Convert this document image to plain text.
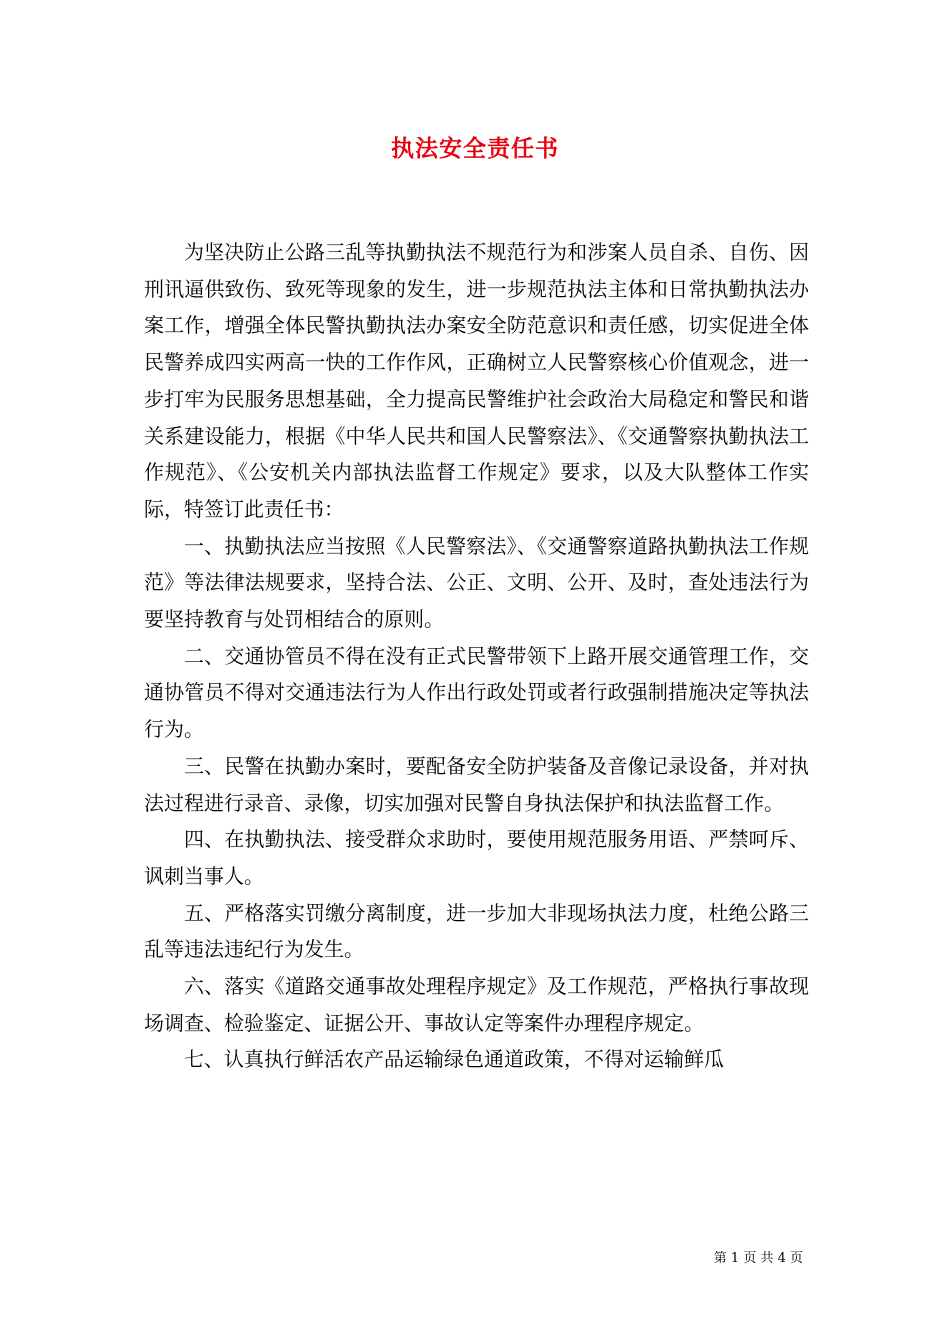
执法安全责任书

为坚决防止公路三乱等执勤执法不规范行为和涉案人员自杀、自伤、因刑讯逼供致伤、致死等现象的发生，进一步规范执法主体和日常执勤执法办案工作，增强全体民警执勤执法办案安全防范意识和责任感，切实促进全体民警养成四实两高一快的工作作风，正确树立人民警察核心价值观念，进一步打牢为民服务思想基础，全力提高民警维护社会政治大局稳定和警民和谐关系建设能力，根据《中华人民共和国人民警察法》、《交通警察执勤执法工作规范》、《公安机关内部执法监督工作规定》要求，以及大队整体工作实际，特签订此责任书：

一、执勤执法应当按照《人民警察法》、《交通警察道路执勤执法工作规范》等法律法规要求，坚持合法、公正、文明、公开、及时，查处违法行为要坚持教育与处罚相结合的原则。

二、交通协管员不得在没有正式民警带领下上路开展交通管理工作，交通协管员不得对交通违法行为人作出行政处罚或者行政强制措施决定等执法行为。

三、民警在执勤办案时，要配备安全防护装备及音像记录设备，并对执法过程进行录音、录像，切实加强对民警自身执法保护和执法监督工作。

四、在执勤执法、接受群众求助时，要使用规范服务用语、严禁呵斥、讽刺当事人。

五、严格落实罚缴分离制度，进一步加大非现场执法力度，杜绝公路三乱等违法违纪行为发生。

六、落实《道路交通事故处理程序规定》及工作规范，严格执行事故现场调查、检验鉴定、证据公开、事故认定等案件办理程序规定。

七、认真执行鲜活农产品运输绿色通道政策，不得对运输鲜瓜

第 1 页 共 4 页
